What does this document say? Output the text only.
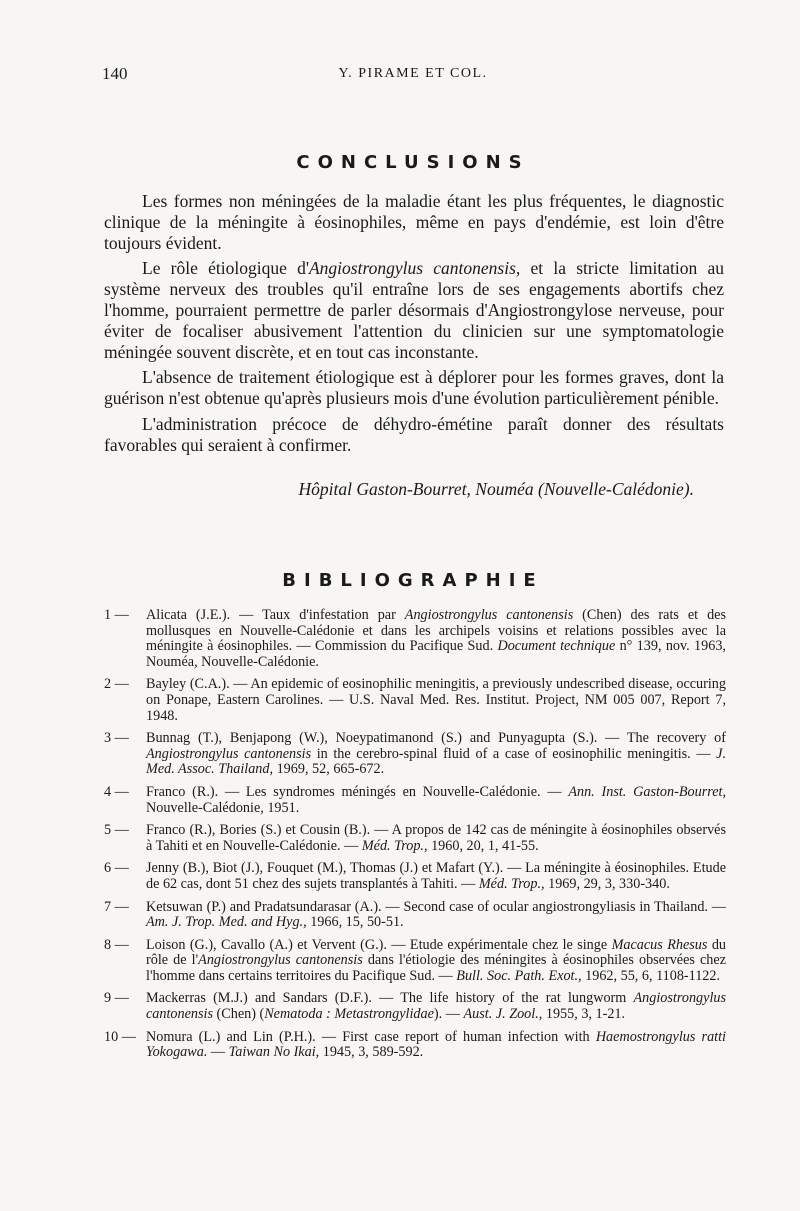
140	Y. PIRAME ET COL.
CONCLUSIONS

Les formes non méningées de la maladie étant les plus fréquentes, le diagnostic clinique de la méningite à éosinophiles, même en pays d'endémie, est loin d'être toujours évident.

Le rôle étiologique d'Angiostrongylus cantonensis, et la stricte limitation au système nerveux des troubles qu'il entraîne lors de ses engagements abortifs chez l'homme, pourraient permettre de parler désormais d'Angiostrongylose nerveuse, pour éviter de focaliser abusivement l'attention du clinicien sur une symptomatologie méningée souvent discrète, et en tout cas inconstante.

L'absence de traitement étiologique est à déplorer pour les formes graves, dont la guérison n'est obtenue qu'après plusieurs mois d'une évolution particulièrement pénible.

L'administration précoce de déhydro-émétine paraît donner des résultats favorables qui seraient à confirmer.

Hôpital Gaston-Bourret, Nouméa (Nouvelle-Calédonie).
BIBLIOGRAPHIE
1 —	Alicata (J.E.). — Taux d'infestation par Angiostrongylus cantonensis (Chen) des rats et des mollusques en Nouvelle-Calédonie et dans les archipels voisins et relations possibles avec la méningite à éosinophiles. — Commission du Pacifique Sud. Document technique n° 139, nov. 1963, Nouméa, Nouvelle-Calédonie.
2 —	Bayley (C.A.). — An epidemic of eosinophilic meningitis, a previously undescribed disease, occuring on Ponape, Eastern Carolines. — U.S. Naval Med. Res. Institut. Project, NM 005 007, Report 7, 1948.
3 —	Bunnag (T.), Benjapong (W.), Noeypatimanond (S.) and Punyagupta (S.). — The recovery of Angiostrongylus cantonensis in the cerebro-spinal fluid of a case of eosinophilic meningitis. — J. Med. Assoc. Thailand, 1969, 52, 665-672.
4 —	Franco (R.). — Les syndromes méningés en Nouvelle-Calédonie. — Ann. Inst. Gaston-Bourret, Nouvelle-Calédonie, 1951.
5 —	Franco (R.), Bories (S.) et Cousin (B.). — A propos de 142 cas de méningite à éosinophiles observés à Tahiti et en Nouvelle-Calédonie. — Méd. Trop., 1960, 20, 1, 41-55.
6 —	Jenny (B.), Biot (J.), Fouquet (M.), Thomas (J.) et Mafart (Y.). — La méningite à éosinophiles. Etude de 62 cas, dont 51 chez des sujets transplantés à Tahiti. — Méd. Trop., 1969, 29, 3, 330-340.
7 —	Ketsuwan (P.) and Pradatsundarasar (A.). — Second case of ocular angiostrongyliasis in Thailand. — Am. J. Trop. Med. and Hyg., 1966, 15, 50-51.
8 —	Loison (G.), Cavallo (A.) et Vervent (G.). — Etude expérimentale chez le singe Macacus Rhesus du rôle de l'Angiostrongylus cantonensis dans l'étiologie des méningites à éosinophiles observées chez l'homme dans certains territoires du Pacifique Sud. — Bull. Soc. Path. Exot., 1962, 55, 6, 1108-1122.
9 —	Mackerras (M.J.) and Sandars (D.F.). — The life history of the rat lungworm Angiostrongylus cantonensis (Chen) (Nematoda : Metastrongylidae). — Aust. J. Zool., 1955, 3, 1-21.
10 — Nomura (L.) and Lin (P.H.). — First case report of human infection with Haemostrongylus ratti Yokogawa. — Taiwan No Ikai, 1945, 3, 589-592.
